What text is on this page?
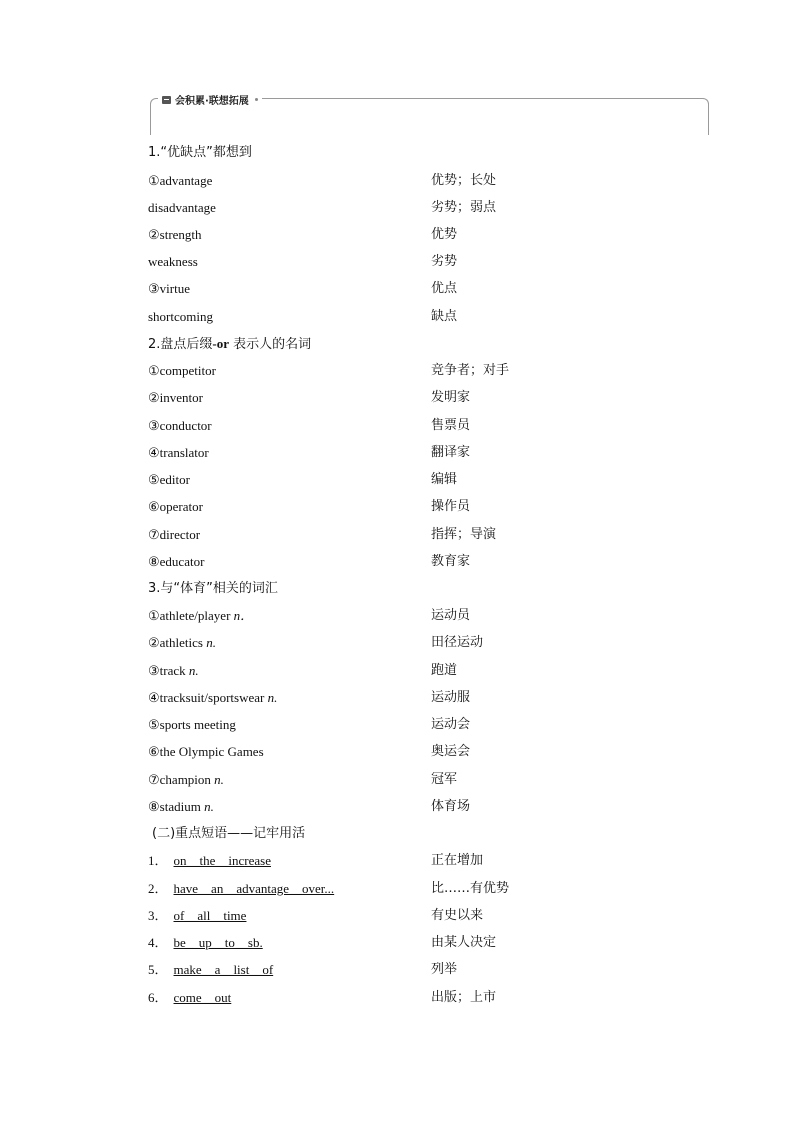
会积累·联想拓展
1.“优缺点”都想到
①advantage	优势；长处
disadvantage	劣势；弱点
②strength	优势
weakness	劣势
③virtue	优点
shortcoming	缺点
2.盘点后缀-or 表示人的名词
①competitor	竞争者；对手
②inventor	发明家
③conductor	售票员
④translator	翻译家
⑤editor	编辑
⑥operator	操作员
⑦director	指挥；导演
⑧educator	教育家
3.与“体育”相关的词汇
①athlete/player n．	运动员
②athletics n.	田径运动
③track n.	跑道
④tracksuit/sportswear n.	运动服
⑤sports meeting	运动会
⑥the Olympic Games	奥运会
⑦champion n.	冠军
⑧stadium n.	体育场
(二)重点短语——记牢用活
1． on__the__increase	正在增加
2． have__an__advantage__over...	比……有优势
3． of__all__time	有史以来
4． be__up__to__sb.	由某人决定
5． make__a__list__of	列举
6． come__out	出版；上市
